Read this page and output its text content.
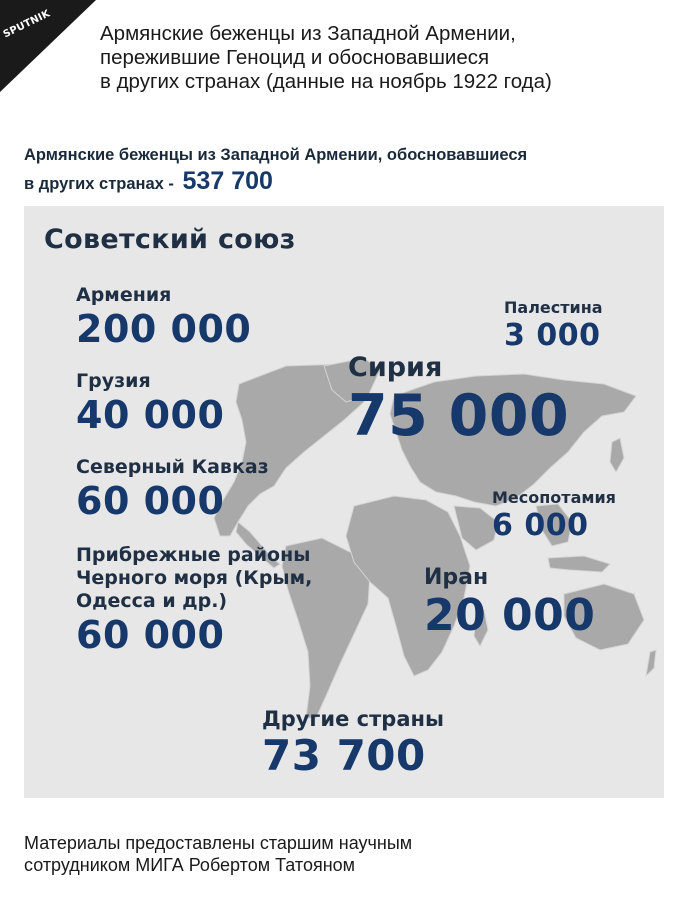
SPUTNIK Армянские беженцы из Западной Армении,
пережившие Геноцид и обосновавшиеся
в других странах (данные на ноябрь 1922 года)
Армянские беженцы из Западной Армении, обосновавшиеся
в других странах - 537 700
Советский союз
Армения
200 000
Грузия
40 000
Северный Кавказ
60 000
Прибрежные районы
Черного моря (Крым,
Одесса и др.)
60 000
Палестина
3 000
Сирия
75 000
Месопотамия
6 000
Иран
20 000
Другие страны
73 700
Материалы предоставлены старшим научным
сотрудником МИГА Робертом Татояном
